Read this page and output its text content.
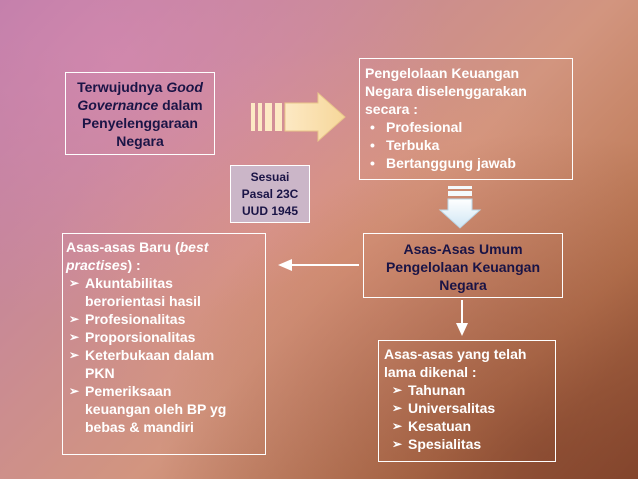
Terwujudnya Good
Governance dalam
Penyelenggaraan
Negara
Pengelolaan Keuangan
Negara diselenggarakan
secara :
• Profesional
• Terbuka
• Bertanggung jawab
Sesuai
Pasal 23C
UUD 1945
Asas-asas Baru (best
practises) :
➢ Akuntabilitas
berorientasi hasil
➢ Profesionalitas
➢ Proporsionalitas
➢ Keterbukaan dalam
PKN
➢ Pemeriksaan
keuangan oleh BP yg
bebas & mandiri
Asas-Asas Umum
Pengelolaan Keuangan
Negara
Asas-asas yang telah
lama dikenal :
➢ Tahunan
➢ Universalitas
➢ Kesatuan
➢ Spesialitas
